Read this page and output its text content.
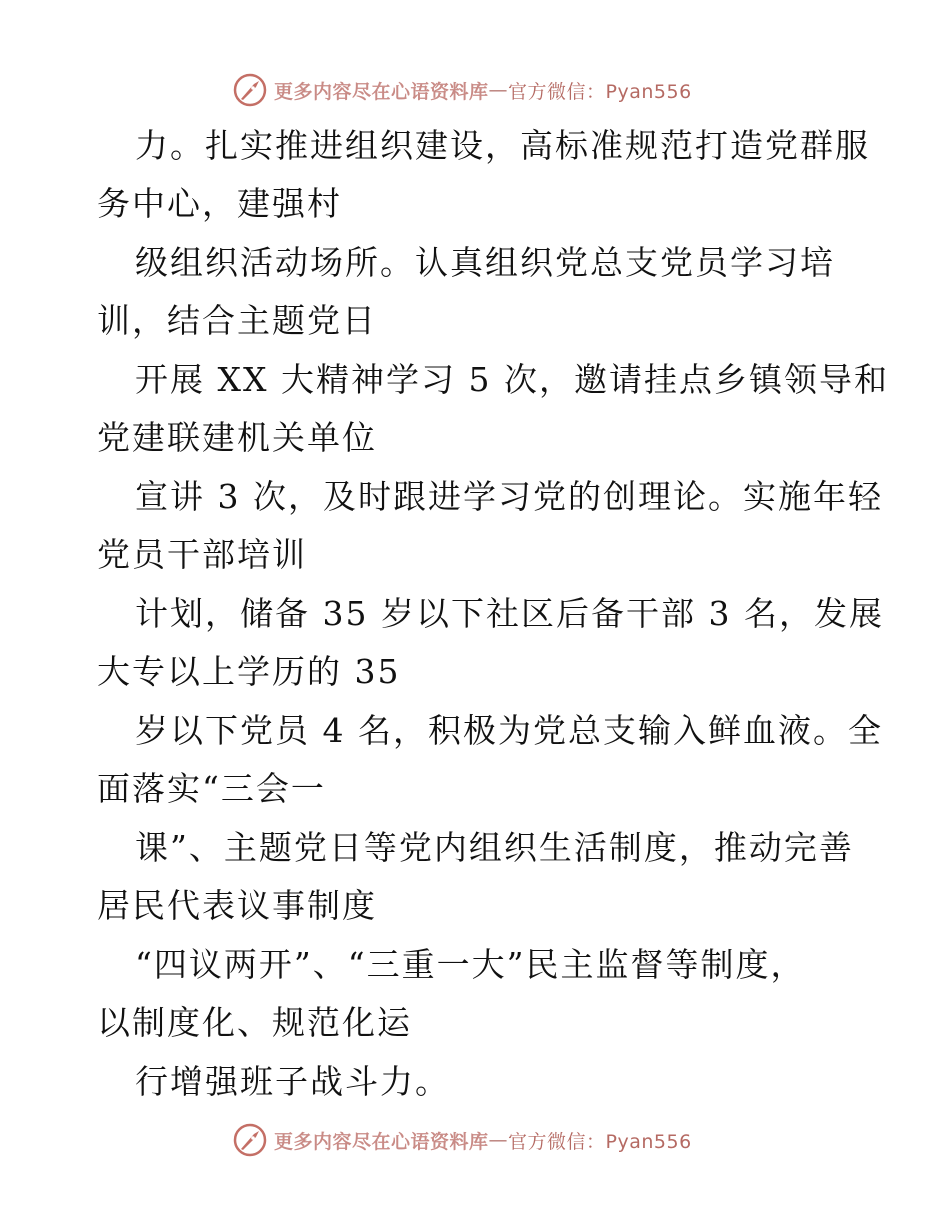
更多内容尽在心语资料库 — 官方微信：Pyan556
力。扎实推进组织建设，高标准规范打造党群服
务中心，建强村
级组织活动场所。认真组织党总支党员学习培
训，结合主题党日
开展 XX 大精神学习 5 次，邀请挂点乡镇领导和
党建联建机关单位
宣讲 3 次，及时跟进学习党的创理论。实施年轻
党员干部培训
计划，储备 35 岁以下社区后备干部 3 名，发展
大专以上学历的 35
岁以下党员 4 名，积极为党总支输入鲜血液。全
面落实“三会一
课”、主题党日等党内组织生活制度，推动完善
居民代表议事制度
“四议两开”、“三重一大”民主监督等制度，
以制度化、规范化运
行增强班子战斗力。
更多内容尽在心语资料库 — 官方微信：Pyan556
